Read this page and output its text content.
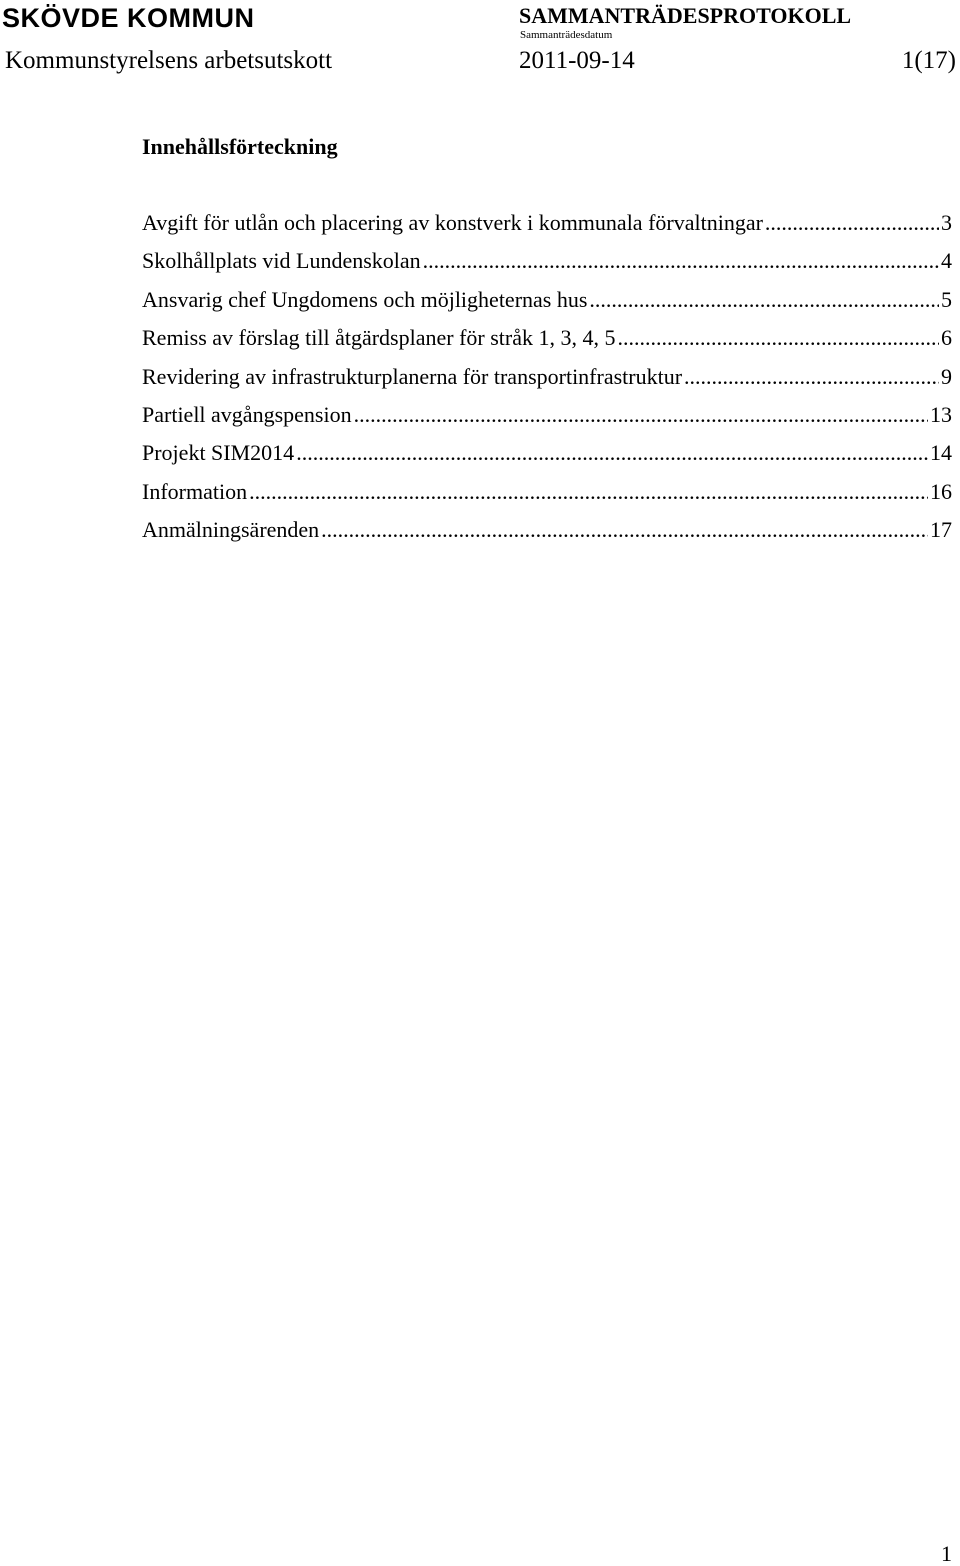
SKÖVDE KOMMUN	SAMMANTRÄDESPROTOKOLL
Sammanträdesdatum
Kommunstyrelsens arbetsutskott	2011-09-14	1(17)
Innehållsförteckning
Avgift för utlån och placering av konstverk i kommunala förvaltningar .....	3
Skolhållplats vid Lundenskolan .....	4
Ansvarig chef Ungdomens och möjligheternas hus .....	5
Remiss av förslag till åtgärdsplaner för stråk 1, 3, 4, 5 .....	6
Revidering av infrastrukturplanerna för transportinfrastruktur .....	9
Partiell avgångspension .....	13
Projekt SIM2014 .....	14
Information .....	16
Anmälningsärenden .....	17
1
